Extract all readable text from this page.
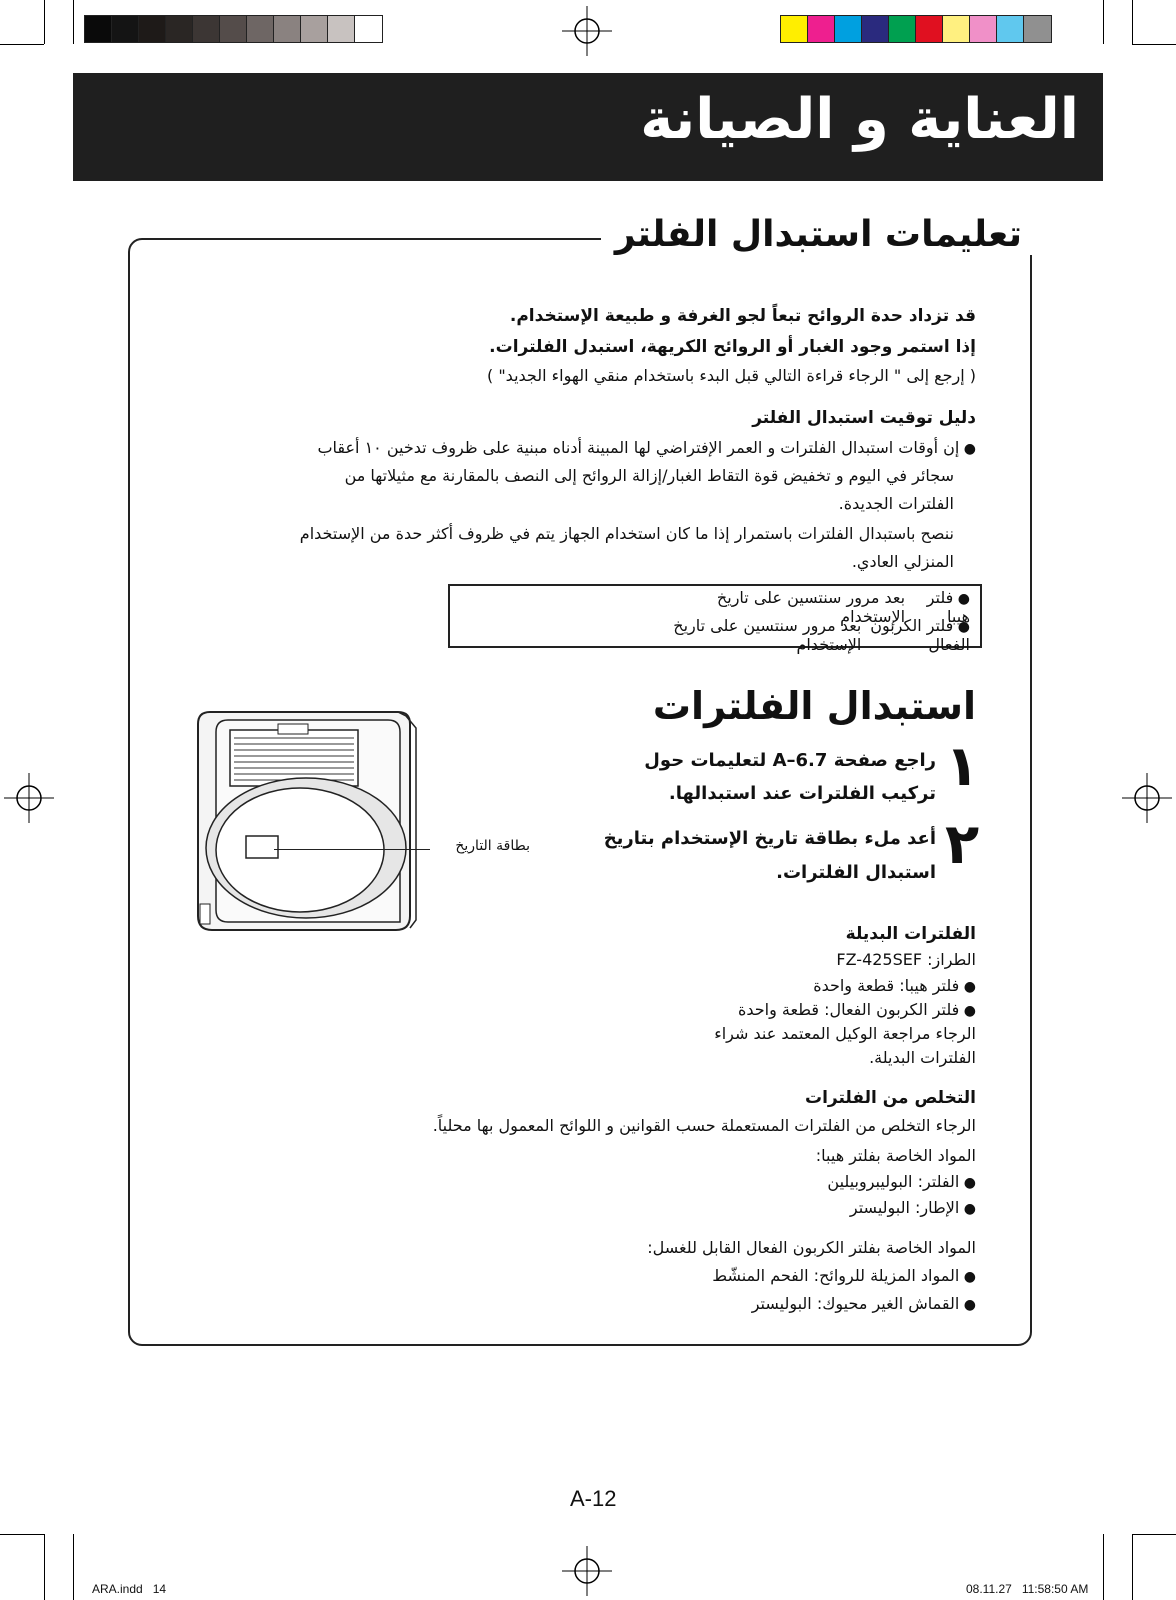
العناية و الصيانة
تعليمات استبدال الفلتر
قد تزداد حدة الروائح تبعاً لجو الغرفة و طبيعة الإستخدام.
إذا استمر وجود الغبار أو الروائح الكريهة، استبدل الفلترات.
( إرجع إلى " الرجاء قراءة التالي قبل البدء باستخدام منقي الهواء الجديد" )
دليل توقيت استبدال الفلتر
● إن أوقات استبدال الفلترات و العمر الإفتراضي لها المبينة أدناه مبنية على ظروف تدخين ١٠ أعقاب
سجائر في اليوم و تخفيض قوة التقاط الغبار/إزالة الروائح إلى النصف بالمقارنة مع مثيلاتها من
الفلترات الجديدة.
ننصح باستبدال الفلترات باستمرار إذا ما كان استخدام الجهاز يتم في ظروف أكثر حدة من الإستخدام
المنزلي العادي.
● فلتر هيبا
بعد مرور سنتسين على تاريخ الإستخدام
● فلتر الكربون الفعال
بعد مرور سنتسين على تاريخ الإستخدام
استبدال الفلترات
١
راجع صفحة A–6.7 لتعليمات حول
تركيب الفلترات عند استبدالها.
٢
أعد ملء بطاقة تاريخ الإستخدام بتاريخ
استبدال الفلترات.
بطاقة التاريخ
الفلترات البديلة
الطراز: FZ-425SEF
● فلتر هيبا: قطعة واحدة
● فلتر الكربون الفعال: قطعة واحدة
الرجاء مراجعة الوكيل المعتمد عند شراء
الفلترات البديلة.
التخلص من الفلترات
الرجاء التخلص من الفلترات المستعملة حسب القوانين و اللوائح المعمول بها محلياً.
المواد الخاصة بفلتر هيبا:
● الفلتر: البوليبروبيلين
● الإطار: البوليستر
المواد الخاصة بفلتر الكربون الفعال القابل للغسل:
● المواد المزيلة للروائح: الفحم المنشّط
● القماش الغير محيوك: البوليستر
A-12
ARA.indd   14	08.11.27   11:58:50 AM
